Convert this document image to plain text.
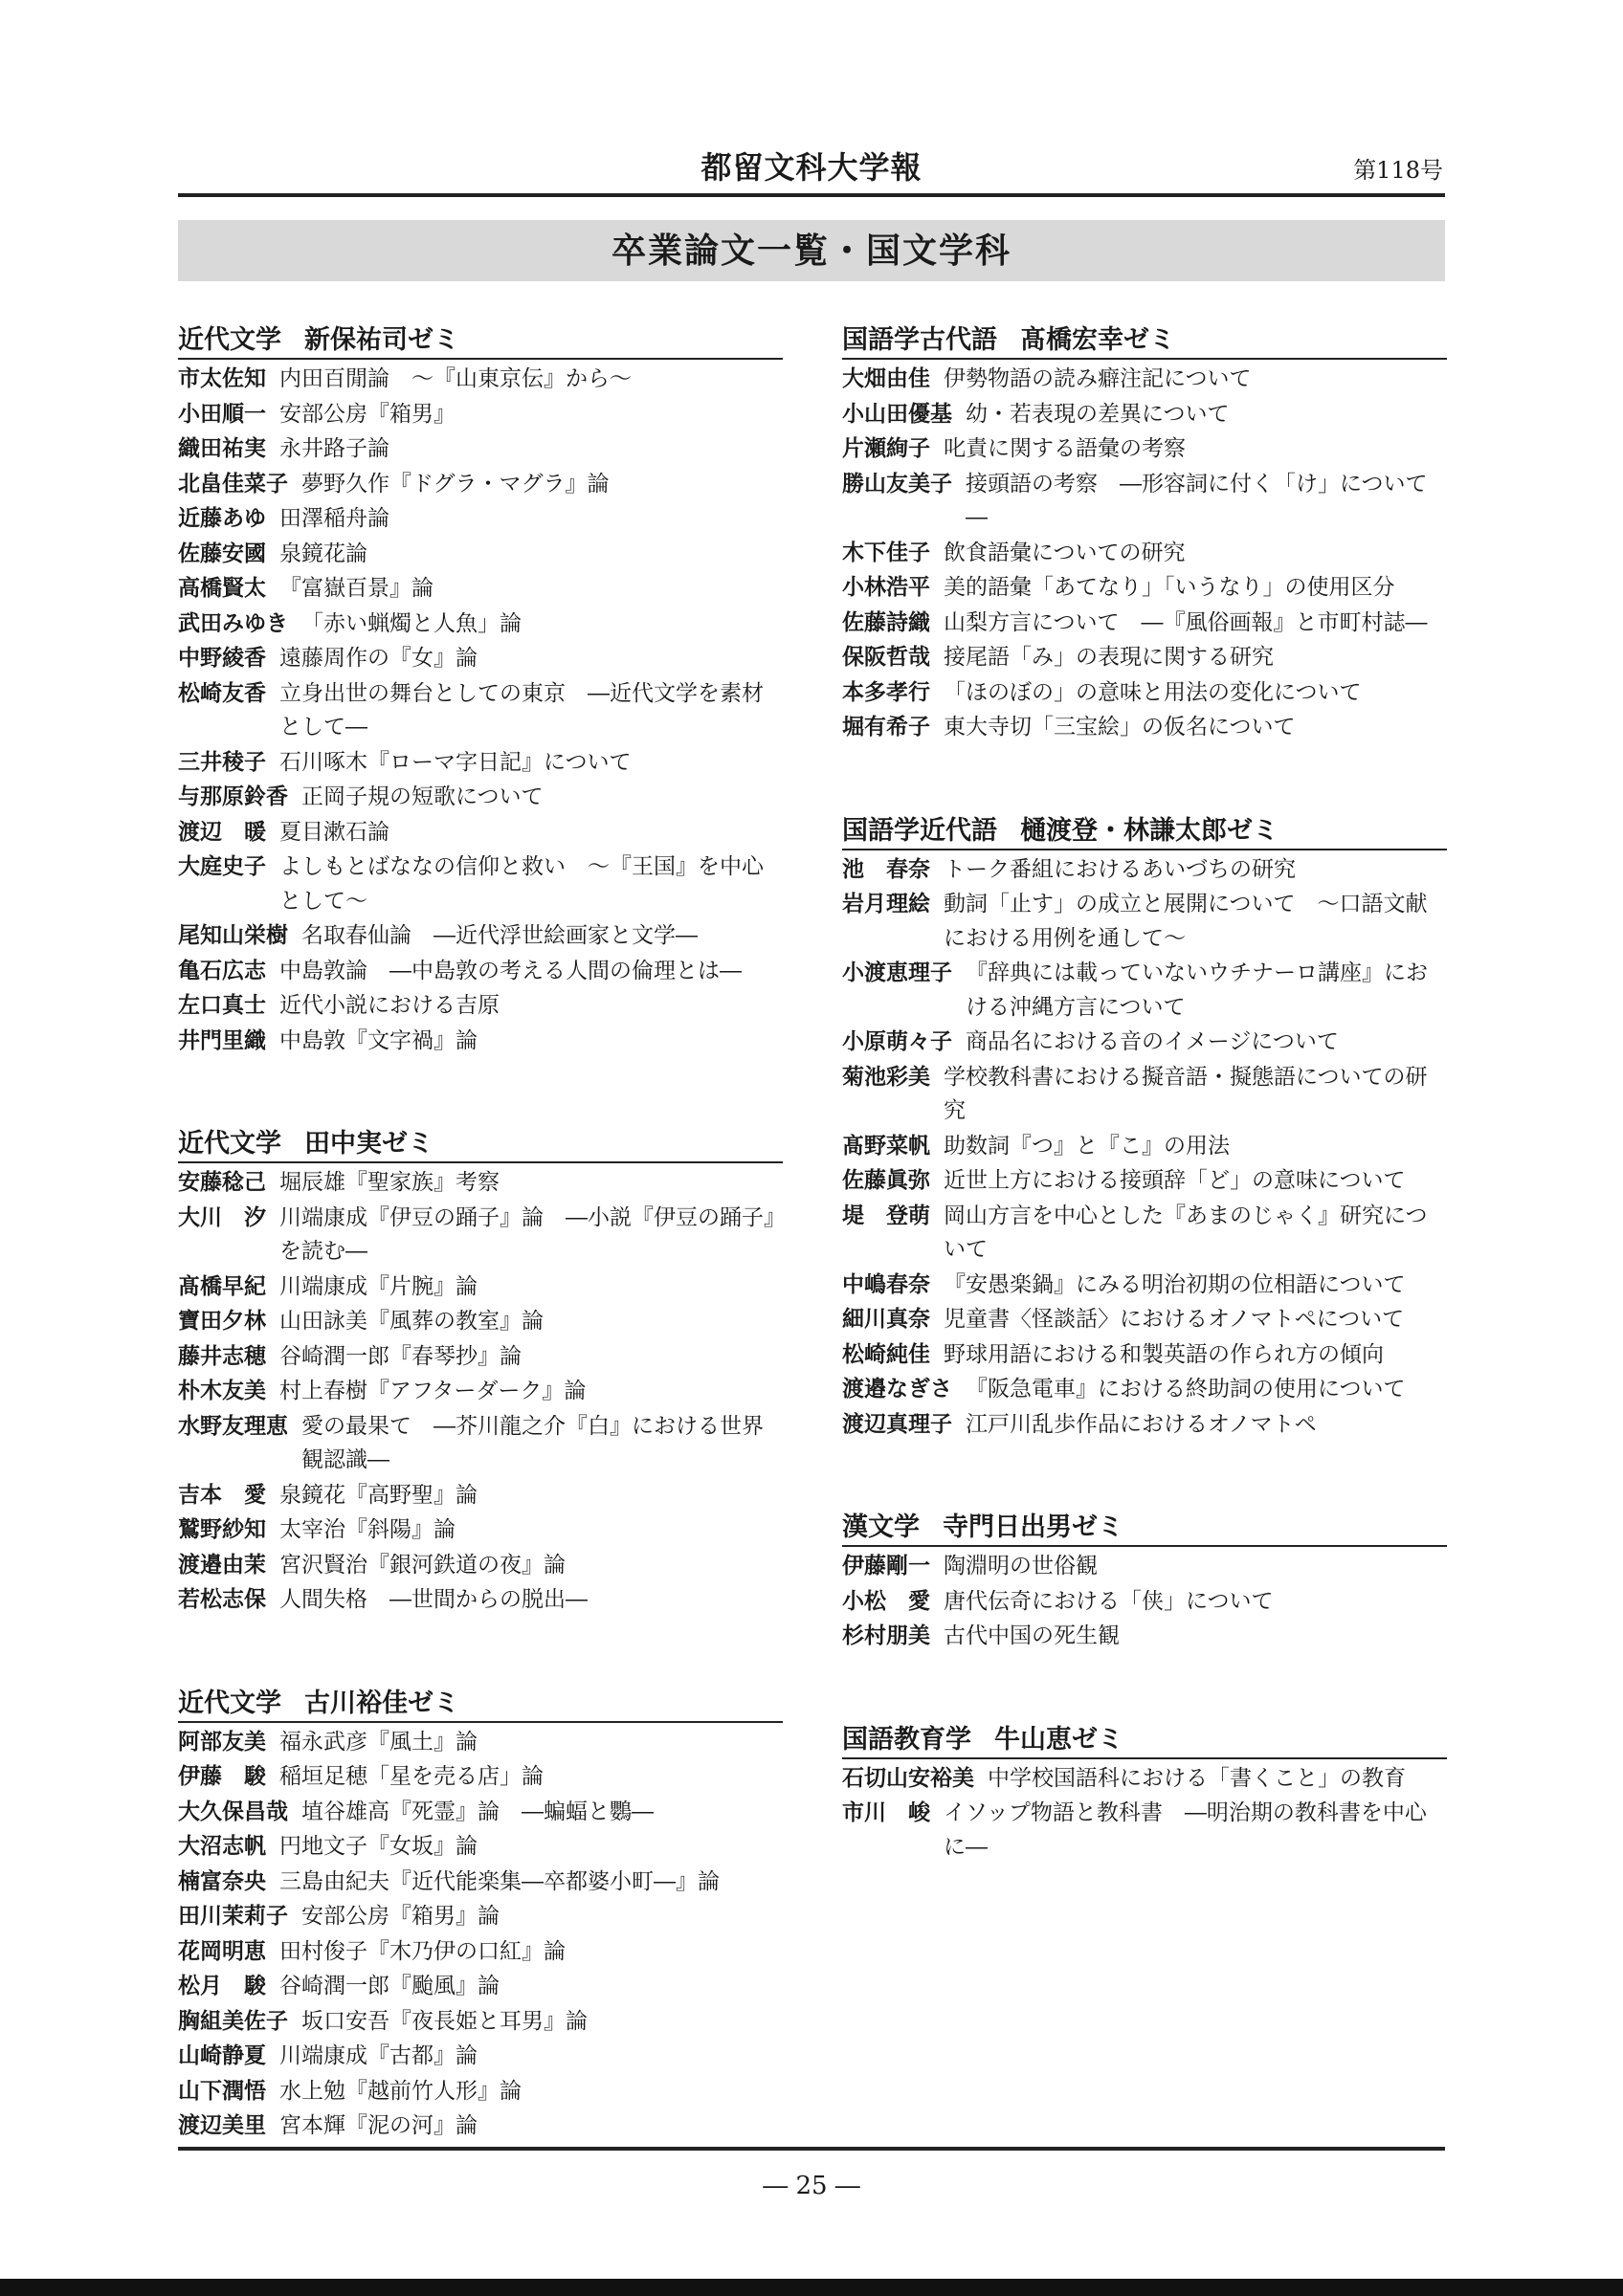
都留文科大学報	第118号
卒業論文一覧・国文学科
近代文学 新保祐司ゼミ
市太佐知 内田百閒論　～『山東京伝』から～
小田順一 安部公房『箱男』
織田祐実 永井路子論
北畠佳菜子 夢野久作『ドグラ・マグラ』論
近藤あゆ 田澤稲舟論
佐藤安國 泉鏡花論
高橋賢太 『富嶽百景』論
武田みゆき 「赤い蝋燭と人魚」論
中野綾香 遠藤周作の『女』論
松崎友香 立身出世の舞台としての東京　―近代文学を素材として―
三井稜子 石川啄木『ローマ字日記』について
与那原鈴香 正岡子規の短歌について
渡辺　暖 夏目漱石論
大庭史子 よしもとばななの信仰と救い　～『王国』を中心として～
尾知山栄樹 名取春仙論　―近代浮世絵画家と文学―
亀石広志 中島敦論　―中島敦の考える人間の倫理とは―
左口真士 近代小説における吉原
井門里織 中島敦『文字禍』論
近代文学 田中実ゼミ
安藤稔己 堀辰雄『聖家族』考察
大川　汐 川端康成『伊豆の踊子』論　―小説『伊豆の踊子』を読む―
髙橋早紀 川端康成『片腕』論
寶田夕林 山田詠美『風葬の教室』論
藤井志穂 谷崎潤一郎『春琴抄』論
朴木友美 村上春樹『アフターダーク』論
水野友理恵 愛の最果て　―芥川龍之介『白』における世界観認識―
吉本　愛 泉鏡花『高野聖』論
鷲野紗知 太宰治『斜陽』論
渡邉由茉 宮沢賢治『銀河鉄道の夜』論
若松志保 人間失格　―世間からの脱出―
近代文学 古川裕佳ゼミ
阿部友美 福永武彦『風土』論
伊藤　駿 稲垣足穂「星を売る店」論
大久保昌哉 埴谷雄高『死霊』論　―蝙蝠と鸚―
大沼志帆 円地文子『女坂』論
楠富奈央 三島由紀夫『近代能楽集―卒都婆小町―』論
田川茉莉子 安部公房『箱男』論
花岡明恵 田村俊子『木乃伊の口紅』論
松月　駿 谷崎潤一郎『颱風』論
胸組美佐子 坂口安吾『夜長姫と耳男』論
山崎静夏 川端康成『古都』論
山下潤悟 水上勉『越前竹人形』論
渡辺美里 宮本輝『泥の河』論
国語学古代語 髙橋宏幸ゼミ
大畑由佳 伊勢物語の読み癖注記について
小山田優基 幼・若表現の差異について
片瀬絢子 叱責に関する語彙の考察
勝山友美子 接頭語の考察　―形容詞に付く「け」について―
木下佳子 飲食語彙についての研究
小林浩平 美的語彙「あてなり」「いうなり」の使用区分
佐藤詩織 山梨方言について　―『風俗画報』と市町村誌―
保阪哲哉 接尾語「み」の表現に関する研究
本多孝行 「ほのぼの」の意味と用法の変化について
堀有希子 東大寺切「三宝絵」の仮名について
国語学近代語 樋渡登・林謙太郎ゼミ
池　春奈 トーク番組におけるあいづちの研究
岩月理絵 動詞「止す」の成立と展開について　～口語文献における用例を通して～
小渡恵理子 『辞典には載っていないウチナーロ講座』における沖縄方言について
小原萌々子 商品名における音のイメージについて
菊池彩美 学校教科書における擬音語・擬態語についての研究
髙野菜帆 助数詞『つ』と『こ』の用法
佐藤眞弥 近世上方における接頭辞「ど」の意味について
堤　登萌 岡山方言を中心とした『あまのじゃく』研究について
中嶋春奈 『安愚楽鍋』にみる明治初期の位相語について
細川真奈 児童書〈怪談話〉におけるオノマトペについて
松崎純佳 野球用語における和製英語の作られ方の傾向
渡邉なぎさ 『阪急電車』における終助詞の使用について
渡辺真理子 江戸川乱歩作品におけるオノマトペ
漢文学 寺門日出男ゼミ
伊藤剛一 陶淵明の世俗観
小松　愛 唐代伝奇における「侠」について
杉村朋美 古代中国の死生観
国語教育学 牛山恵ゼミ
石切山安裕美 中学校国語科における「書くこと」の教育
市川　峻 イソップ物語と教科書　―明治期の教科書を中心に―
― 25 ―
